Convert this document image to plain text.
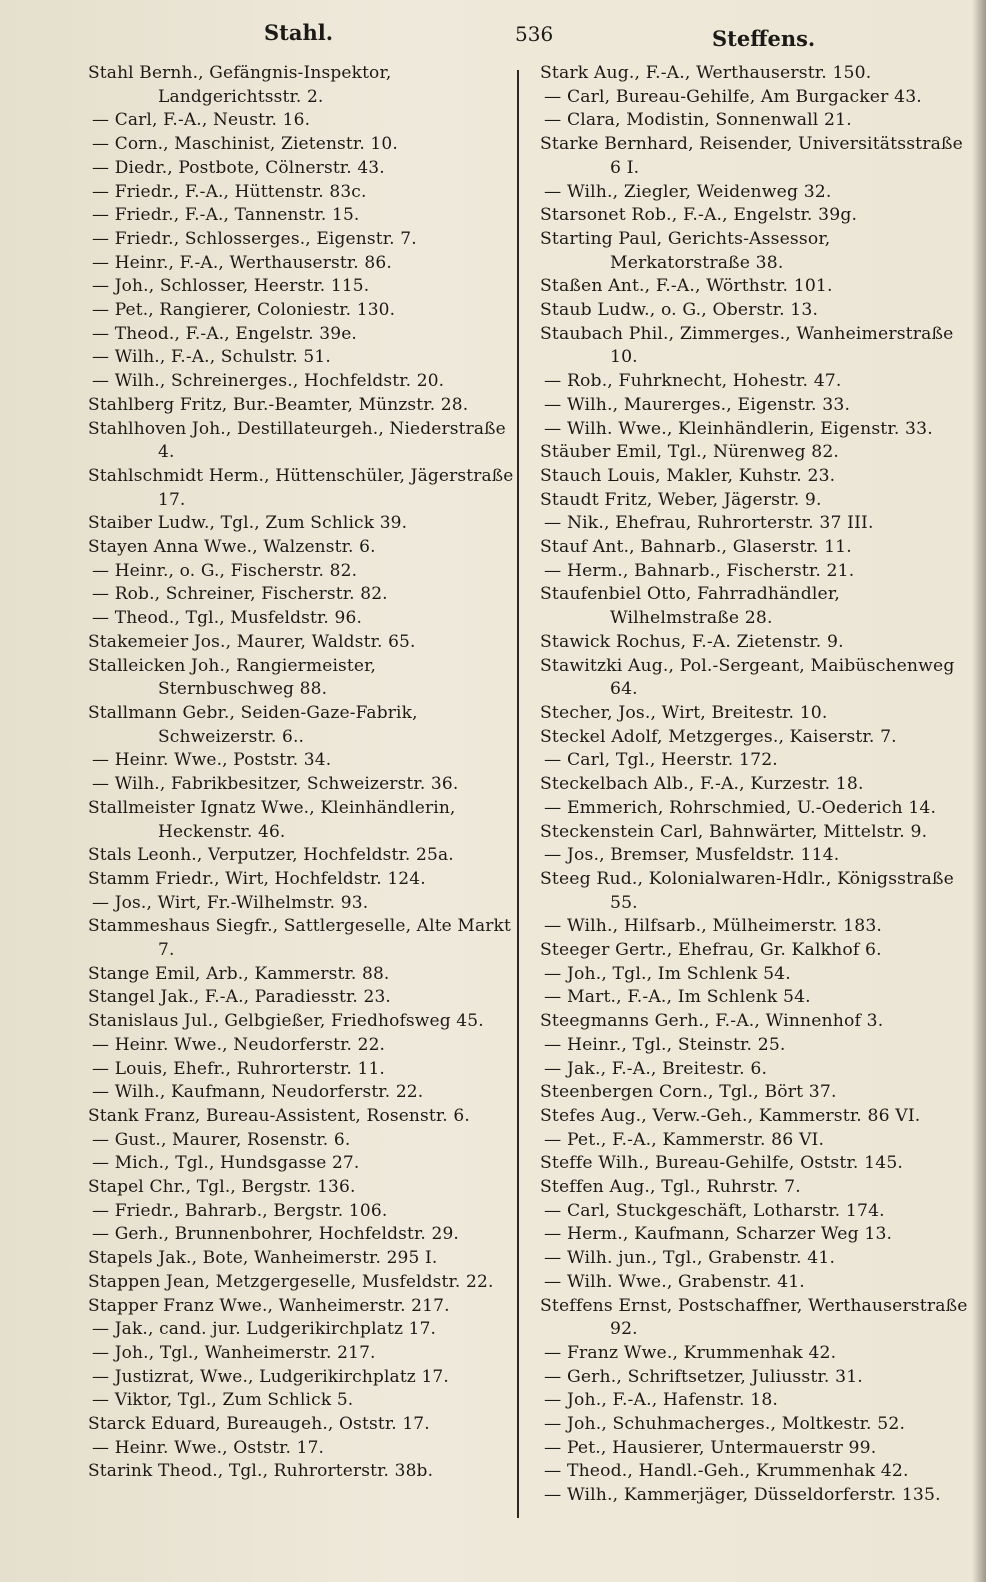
Stahl.	536	Steffens.
Stahl Bernh., Gefängnis-Inspektor, Landgerichtsstr. 2.
— Carl, F.-A., Neustr. 16.
— Corn., Maschinist, Zietenstr. 10.
— Diedr., Postbote, Cölnerstr. 43.
— Friedr., F.-A., Hüttenstr. 83c.
— Friedr., F.-A., Tannenstr. 15.
— Friedr., Schlosserges., Eigenstr. 7.
— Heinr., F.-A., Werthauserstr. 86.
— Joh., Schlosser, Heerstr. 115.
— Pet., Rangierer, Coloniestr. 130.
— Theod., F.-A., Engelstr. 39e.
— Wilh., F.-A., Schulstr. 51.
— Wilh., Schreinerges., Hochfeldstr. 20.
Stahlberg Fritz, Bur.-Beamter, Münzstr. 28.
Stahlhoven Joh., Destillateurgeh., Niederstraße 4.
Stahlschmidt Herm., Hüttenschüler, Jägerstraße 17.
Staiber Ludw., Tgl., Zum Schlick 39.
Stayen Anna Wwe., Walzenstr. 6.
— Heinr., o. G., Fischerstr. 82.
— Rob., Schreiner, Fischerstr. 82.
— Theod., Tgl., Musfeldstr. 96.
Stakemeier Jos., Maurer, Waldstr. 65.
Stalleicken Joh., Rangiermeister, Sternbuschweg 88.
Stallmann Gebr., Seiden-Gaze-Fabrik, Schweizerstr. 6..
— Heinr. Wwe., Poststr. 34.
— Wilh., Fabrikbesitzer, Schweizerstr. 36.
Stallmeister Ignatz Wwe., Kleinhändlerin, Heckenstr. 46.
Stals Leonh., Verputzer, Hochfeldstr. 25a.
Stamm Friedr., Wirt, Hochfeldstr. 124.
— Jos., Wirt, Fr.-Wilhelmstr. 93.
Stammeshaus Siegfr., Sattlergeselle, Alte Markt 7.
Stange Emil, Arb., Kammerstr. 88.
Stangel Jak., F.-A., Paradiesstr. 23.
Stanislaus Jul., Gelbgießer, Friedhofsweg 45.
— Heinr. Wwe., Neudorferstr. 22.
— Louis, Ehefr., Ruhrorterstr. 11.
— Wilh., Kaufmann, Neudorferstr. 22.
Stank Franz, Bureau-Assistent, Rosenstr. 6.
— Gust., Maurer, Rosenstr. 6.
— Mich., Tgl., Hundsgasse 27.
Stapel Chr., Tgl., Bergstr. 136.
— Friedr., Bahrarb., Bergstr. 106.
— Gerh., Brunnenbohrer, Hochfeldstr. 29.
Stapels Jak., Bote, Wanheimerstr. 295 I.
Stappen Jean, Metzgergeselle, Musfeldstr. 22.
Stapper Franz Wwe., Wanheimerstr. 217.
— Jak., cand. jur. Ludgerikirchplatz 17.
— Joh., Tgl., Wanheimerstr. 217.
— Justizrat, Wwe., Ludgerikirchplatz 17.
— Viktor, Tgl., Zum Schlick 5.
Starck Eduard, Bureaugeh., Oststr. 17.
— Heinr. Wwe., Oststr. 17.
Starink Theod., Tgl., Ruhrorterstr. 38b.
Stark Aug., F.-A., Werthauserstr. 150.
— Carl, Bureau-Gehilfe, Am Burgacker 43.
— Clara, Modistin, Sonnenwall 21.
Starke Bernhard, Reisender, Universitätsstraße 6 I.
— Wilh., Ziegler, Weidenweg 32.
Starsonet Rob., F.-A., Engelstr. 39g.
Starting Paul, Gerichts-Assessor, Merkatorstraße 38.
Staßen Ant., F.-A., Wörthstr. 101.
Staub Ludw., o. G., Oberstr. 13.
Staubach Phil., Zimmerges., Wanheimerstraße 10.
— Rob., Fuhrknecht, Hohestr. 47.
— Wilh., Maurerges., Eigenstr. 33.
— Wilh. Wwe., Kleinhändlerin, Eigenstr. 33.
Stäuber Emil, Tgl., Nürenweg 82.
Stauch Louis, Makler, Kuhstr. 23.
Staudt Fritz, Weber, Jägerstr. 9.
— Nik., Ehefrau, Ruhrorterstr. 37 III.
Stauf Ant., Bahnarb., Glaserstr. 11.
— Herm., Bahnarb., Fischerstr. 21.
Staufenbiel Otto, Fahrradhändler, Wilhelmstraße 28.
Stawick Rochus, F.-A. Zietenstr. 9.
Stawitzki Aug., Pol.-Sergeant, Maibüschenweg 64.
Stecher, Jos., Wirt, Breitestr. 10.
Steckel Adolf, Metzgerges., Kaiserstr. 7.
— Carl, Tgl., Heerstr. 172.
Steckelbach Alb., F.-A., Kurzestr. 18.
— Emmerich, Rohrschmied, U.-Oederich 14.
Steckenstein Carl, Bahnwärter, Mittelstr. 9.
— Jos., Bremser, Musfeldstr. 114.
Steeg Rud., Kolonialwaren-Hdlr., Königsstraße 55.
— Wilh., Hilfsarb., Mülheimerstr. 183.
Steeger Gertr., Ehefrau, Gr. Kalkhof 6.
— Joh., Tgl., Im Schlenk 54.
— Mart., F.-A., Im Schlenk 54.
Steegmanns Gerh., F.-A., Winnenhof 3.
— Heinr., Tgl., Steinstr. 25.
— Jak., F.-A., Breitestr. 6.
Steenbergen Corn., Tgl., Bört 37.
Stefes Aug., Verw.-Geh., Kammerstr. 86 VI.
— Pet., F.-A., Kammerstr. 86 VI.
Steffe Wilh., Bureau-Gehilfe, Oststr. 145.
Steffen Aug., Tgl., Ruhrstr. 7.
— Carl, Stuckgeschäft, Lotharstr. 174.
— Herm., Kaufmann, Scharzer Weg 13.
— Wilh. jun., Tgl., Grabenstr. 41.
— Wilh. Wwe., Grabenstr. 41.
Steffens Ernst, Postschaffner, Werthauserstraße 92.
— Franz Wwe., Krummenhak 42.
— Gerh., Schriftsetzer, Juliusstr. 31.
— Joh., F.-A., Hafenstr. 18.
— Joh., Schuhmacherges., Moltkestr. 52.
— Pet., Hausierer, Untermauerstr 99.
— Theod., Handl.-Geh., Krummenhak 42.
— Wilh., Kammerjäger, Düsseldorferstr. 135.
